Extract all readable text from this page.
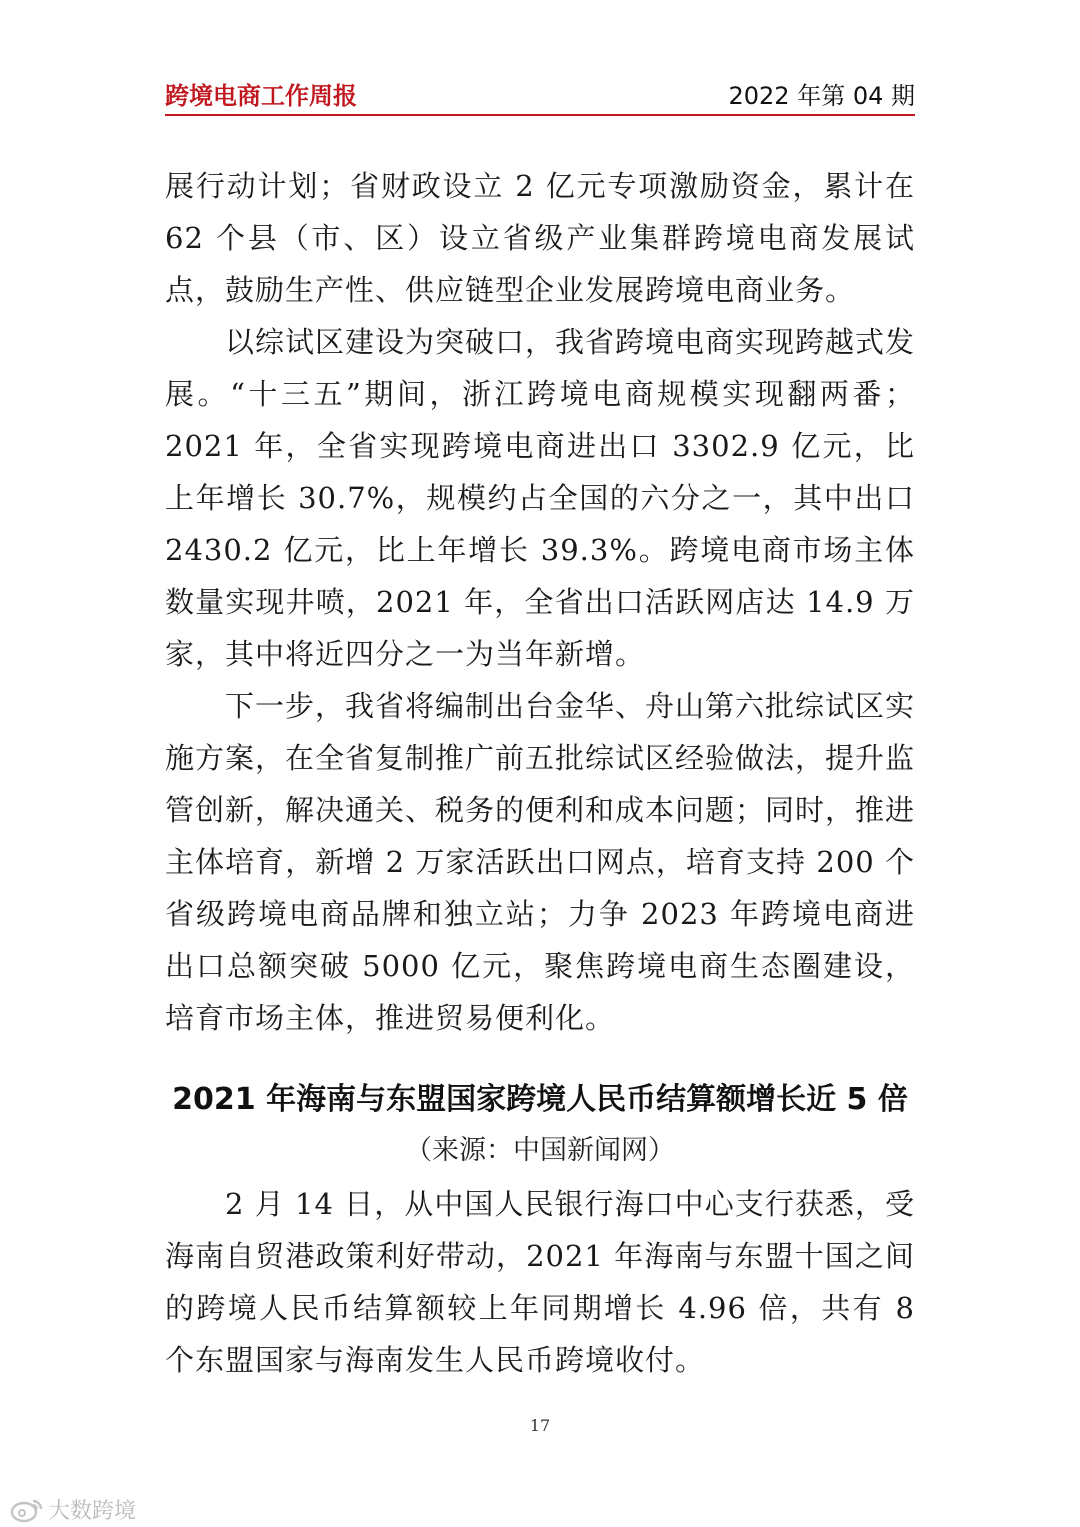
跨境电商工作周报	2022 年第 04 期

展行动计划；省财政设立 2 亿元专项激励资金，累计在 62 个县（市、区）设立省级产业集群跨境电商发展试点，鼓励生产性、供应链型企业发展跨境电商业务。

以综试区建设为突破口，我省跨境电商实现跨越式发展。“十三五”期间，浙江跨境电商规模实现翻两番；2021 年，全省实现跨境电商进出口 3302.9 亿元，比上年增长 30.7%，规模约占全国的六分之一，其中出口 2430.2 亿元，比上年增长 39.3%。跨境电商市场主体数量实现井喷，2021 年，全省出口活跃网店达 14.9 万家，其中将近四分之一为当年新增。

下一步，我省将编制出台金华、舟山第六批综试区实施方案，在全省复制推广前五批综试区经验做法，提升监管创新，解决通关、税务的便利和成本问题；同时，推进主体培育，新增 2 万家活跃出口网点，培育支持 200 个省级跨境电商品牌和独立站；力争 2023 年跨境电商进出口总额突破 5000 亿元，聚焦跨境电商生态圈建设，培育市场主体，推进贸易便利化。

2021 年海南与东盟国家跨境人民币结算额增长近 5 倍
（来源：中国新闻网）

2 月 14 日，从中国人民银行海口中心支行获悉，受海南自贸港政策利好带动，2021 年海南与东盟十国之间的跨境人民币结算额较上年同期增长 4.96 倍，共有 8 个东盟国家与海南发生人民币跨境收付。

17
大数跨境
